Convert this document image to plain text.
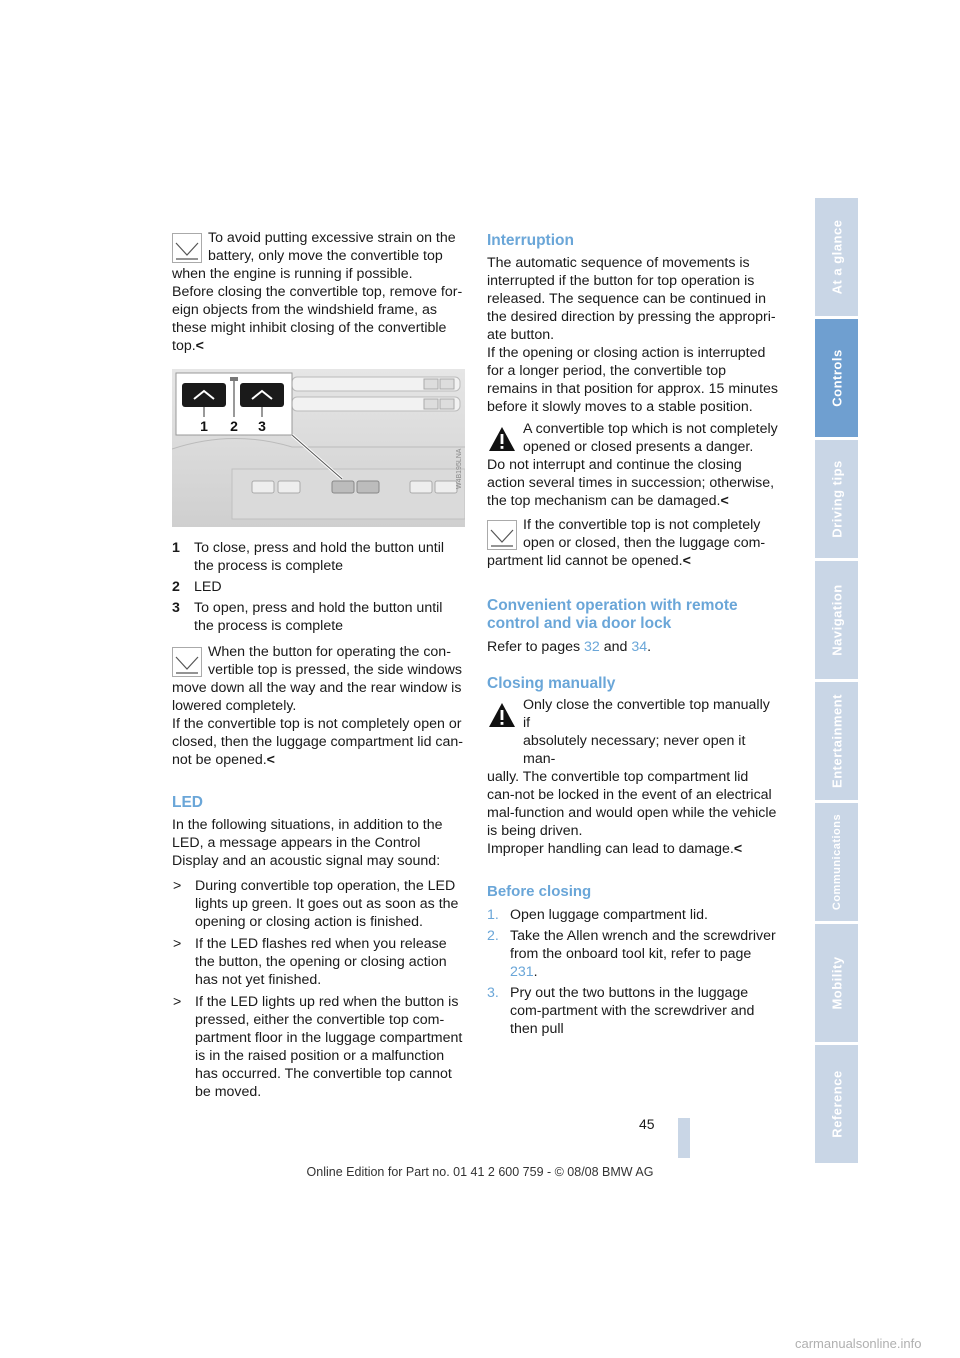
At a glance
Controls
Driving tips
Navigation
Entertainment
Communications
Mobility
Reference
To avoid putting excessive strain on the
battery, only move the convertible top
when the engine is running if possible.

Before closing the convertible top, remove for-eign objects from the windshield frame, as these might inhibit closing of the convertible top.<

1 2 3
W4B195LNA
1 To close, press and hold the button until the process is complete
2 LED
3 To open, press and hold the button until the process is complete
When the button for operating the con-
vertible top is pressed, the side windows
move down all the way and the rear window is lowered completely.

If the convertible top is not completely open or closed, then the luggage compartment lid can-not be opened.<

LED

In the following situations, in addition to the LED, a message appears in the Control Display and an acoustic signal may sound:

> During convertible top operation, the LED lights up green. It goes out as soon as the opening or closing action is finished.
> If the LED flashes red when you release the button, the opening or closing action has not yet finished.
> If the LED lights up red when the button is pressed, either the convertible top com-partment floor in the luggage compartment is in the raised position or a malfunction has occurred. The convertible top cannot be moved.
Interruption

The automatic sequence of movements is interrupted if the button for top operation is released. The sequence can be continued in the desired direction by pressing the appropri-ate button.

If the opening or closing action is interrupted for a longer period, the convertible top remains in that position for approx. 15 minutes before it slowly moves to a stable position.

A convertible top which is not completely
opened or closed presents a danger.
Do not interrupt and continue the closing action several times in succession; otherwise, the top mechanism can be damaged.<
If the convertible top is not completely
open or closed, then the luggage com-
partment lid cannot be opened.<
Convenient operation with remote control and via door lock

Refer to pages 32 and 34.

Closing manually
Only close the convertible top manually if
absolutely necessary; never open it man-
ually. The convertible top compartment lid can-not be locked in the event of an electrical mal-function and would open while the vehicle is being driven.

Improper handling can lead to damage.<

Before closing
1. Open luggage compartment lid.
2. Take the Allen wrench and the screwdriver from the onboard tool kit, refer to page 231.
3. Pry out the two buttons in the luggage com-partment with the screwdriver and then pull
45
Online Edition for Part no. 01 41 2 600 759 - © 08/08 BMW AG
carmanualsonline.info
